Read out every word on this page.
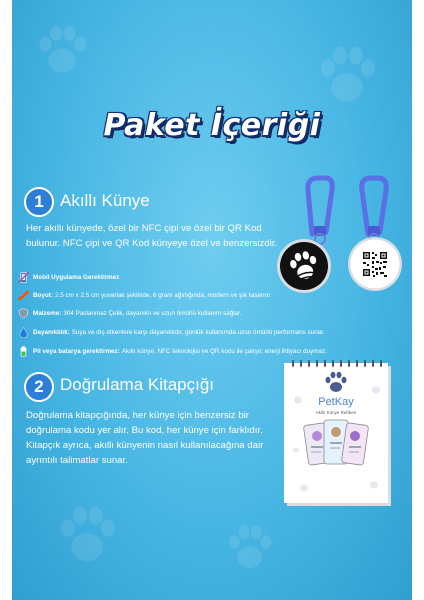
Paket İçeriği
1 Akıllı Künye
Her akıllı künyede, özel bir NFC çipi ve özel bir QR Kod bulunur. NFC çipi ve QR Kod künyeye özel ve benzersizdir.
Mobil Uygulama Gerektirmez
Boyut: 2.5 cm x 2.5 cm yuvarlak şeklinde, 6 gram ağırlığında, modern ve şık tasarım
Malzeme: 304 Paslanmaz Çelik, dayanıklı ve uzun ömürlü kullanım sağlar.
Dayanıklılık: Suya ve dış etkenlere karşı dayanıklıdır, günlük kullanımda uzun ömürlü performans sunar.
Pil veya batarya gerektirmez: Akıllı künye, NFC teknolojisi ve QR kodu ile çalışır, enerji ihtiyacı duymaz.
2 Doğrulama Kitapçığı
Doğrulama kitapçığında, her künye için benzersiz bir doğrulama kodu yer alır. Bu kod, her künye için farklıdır. Kitapçık ayrıca, akıllı künyenin nasıl kullanılacağına dair ayrıntılı talimatlar sunar.
PetKay
Akıllı Künye Rehberi
